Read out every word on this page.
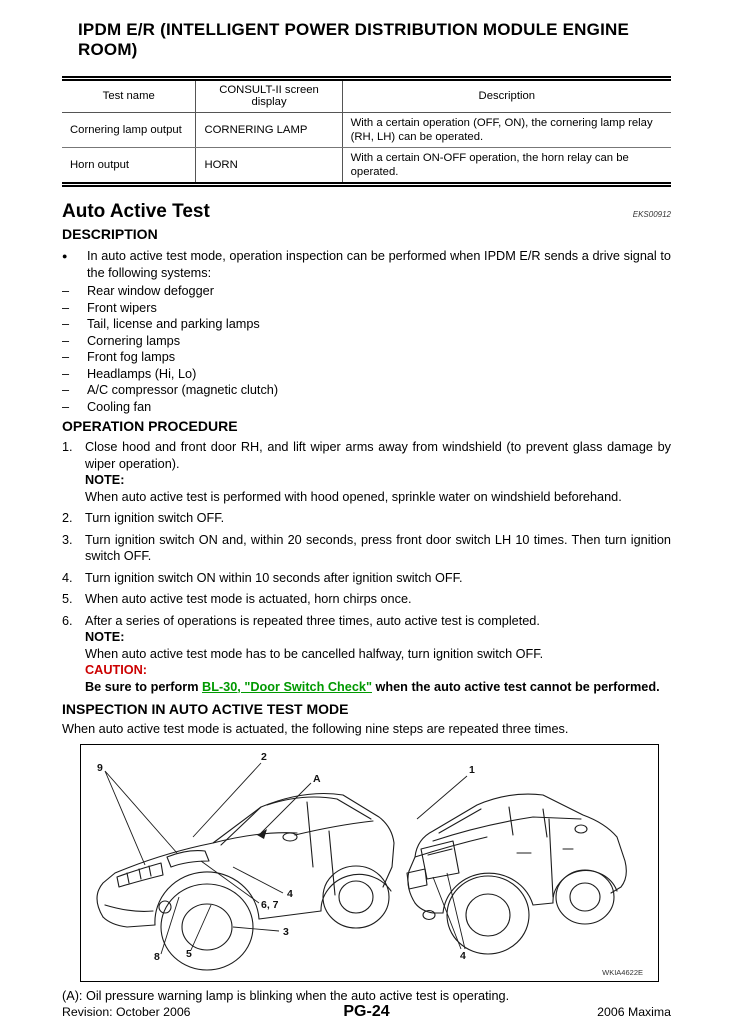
IPDM E/R (INTELLIGENT POWER DISTRIBUTION MODULE ENGINE ROOM)
Test name	CONSULT-II screen display	Description
Cornering lamp output	CORNERING LAMP	With a certain operation (OFF, ON), the cornering lamp relay (RH, LH) can be operated.
Horn output	HORN	With a certain ON-OFF operation, the horn relay can be operated.
Auto Active Test	EKS00912
DESCRIPTION
●	In auto active test mode, operation inspection can be performed when IPDM E/R sends a drive signal to the following systems:
–	Rear window defogger
–	Front wipers
–	Tail, license and parking lamps
–	Cornering lamps
–	Front fog lamps
–	Headlamps (Hi, Lo)
–	A/C compressor (magnetic clutch)
–	Cooling fan
OPERATION PROCEDURE
1. Close hood and front door RH, and lift wiper arms away from windshield (to prevent glass damage by wiper operation).
NOTE:
When auto active test is performed with hood opened, sprinkle water on windshield beforehand.
2. Turn ignition switch OFF.
3. Turn ignition switch ON and, within 20 seconds, press front door switch LH 10 times. Then turn ignition switch OFF.
4. Turn ignition switch ON within 10 seconds after ignition switch OFF.
5. When auto active test mode is actuated, horn chirps once.
6. After a series of operations is repeated three times, auto active test is completed.
NOTE:
When auto active test mode has to be cancelled halfway, turn ignition switch OFF.
CAUTION:
Be sure to perform BL-30, "Door Switch Check" when the auto active test cannot be performed.
INSPECTION IN AUTO ACTIVE TEST MODE
When auto active test mode is actuated, the following nine steps are repeated three times.
9
2
A
4
6, 7
3
5
8
1
4
WKIA4622E
(A): Oil pressure warning lamp is blinking when the auto active test is operating.
Revision: October 2006	PG-24	2006 Maxima
